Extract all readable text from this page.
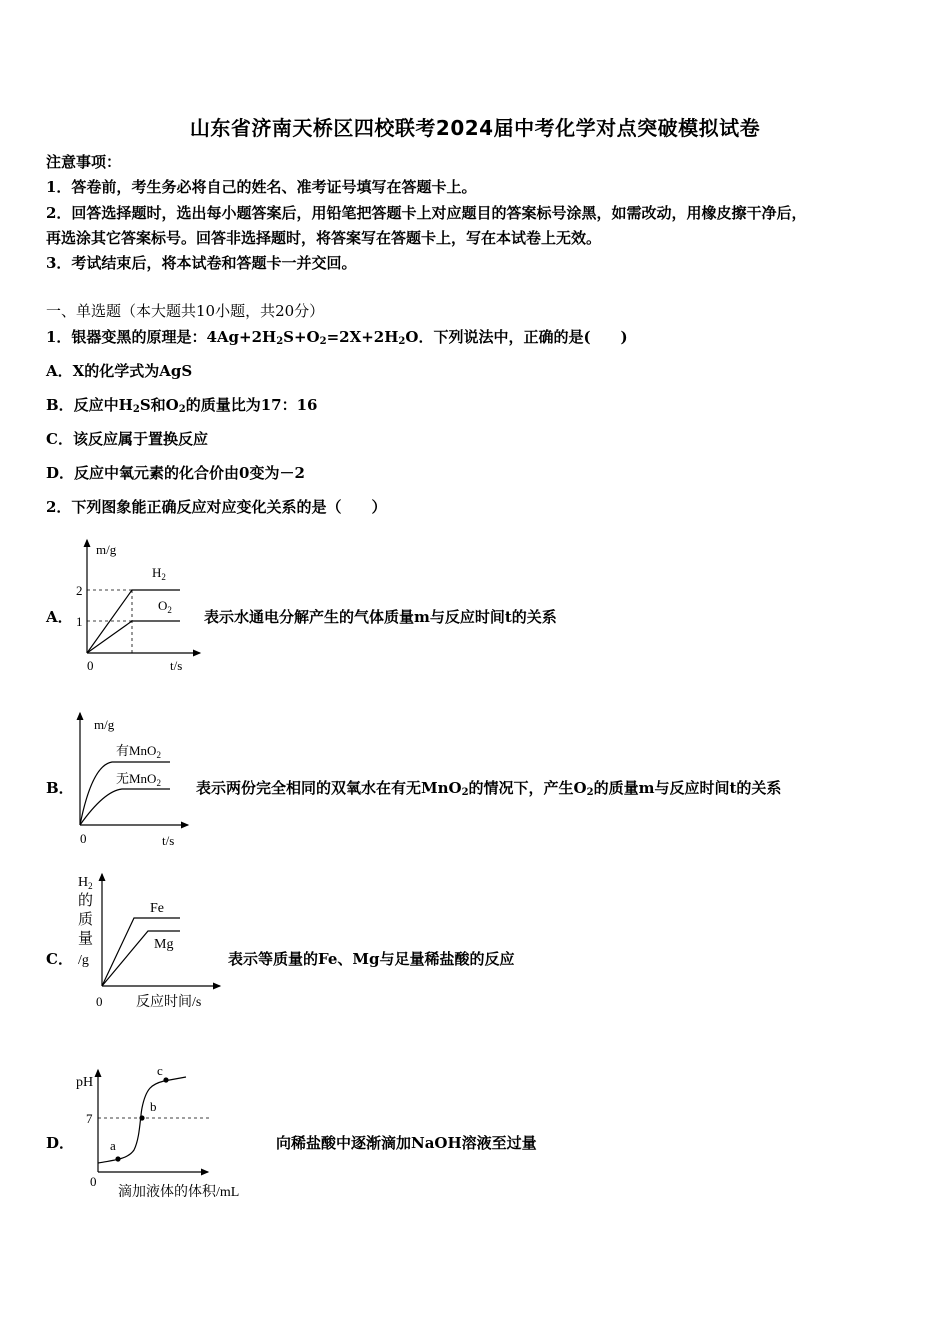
山东省济南天桥区四校联考2024届中考化学对点突破模拟试卷
注意事项：
1．答卷前，考生务必将自己的姓名、准考证号填写在答题卡上。
2．回答选择题时，选出每小题答案后，用铅笔把答题卡上对应题目的答案标号涂黑，如需改动，用橡皮擦干净后，
再选涂其它答案标号。回答非选择题时，将答案写在答题卡上，写在本试卷上无效。
3．考试结束后，将本试卷和答题卡一并交回。
一、单选题（本大题共10小题，共20分）
1．银器变黑的原理是：$4Ag+2H_2S+O_2=2X+2H_2O$．下列说法中，正确的是(　　)
A．X的化学式为AgS
B．反应中$H_2S$和$O_2$的质量比为17：16
C．该反应属于置换反应
D．反应中氧元素的化合价由0变为－2
2．下列图象能正确反应对应变化关系的是（　　）
A．
m/g
t/s
0
2
1
$H_2$
$O_2$ 表示水通电分解产生的气体质量m与反应时间t的关系
B．
m/g
t/s
0
有MnO$_2$
无MnO$_2$ 表示两份完全相同的双氧水在有无MnO$_2$的情况下，产生$O_2$的质量m与反应时间t的关系
C．
$H_2$
的
质
量
/g
反应时间/s
0
Fe
Mg
表示等质量的Fe、Mg与足量稀盐酸的反应
D．
pH
7
0
滴加液体的体积/mL
a
b
c
向稀盐酸中逐渐滴加NaOH溶液至过量
